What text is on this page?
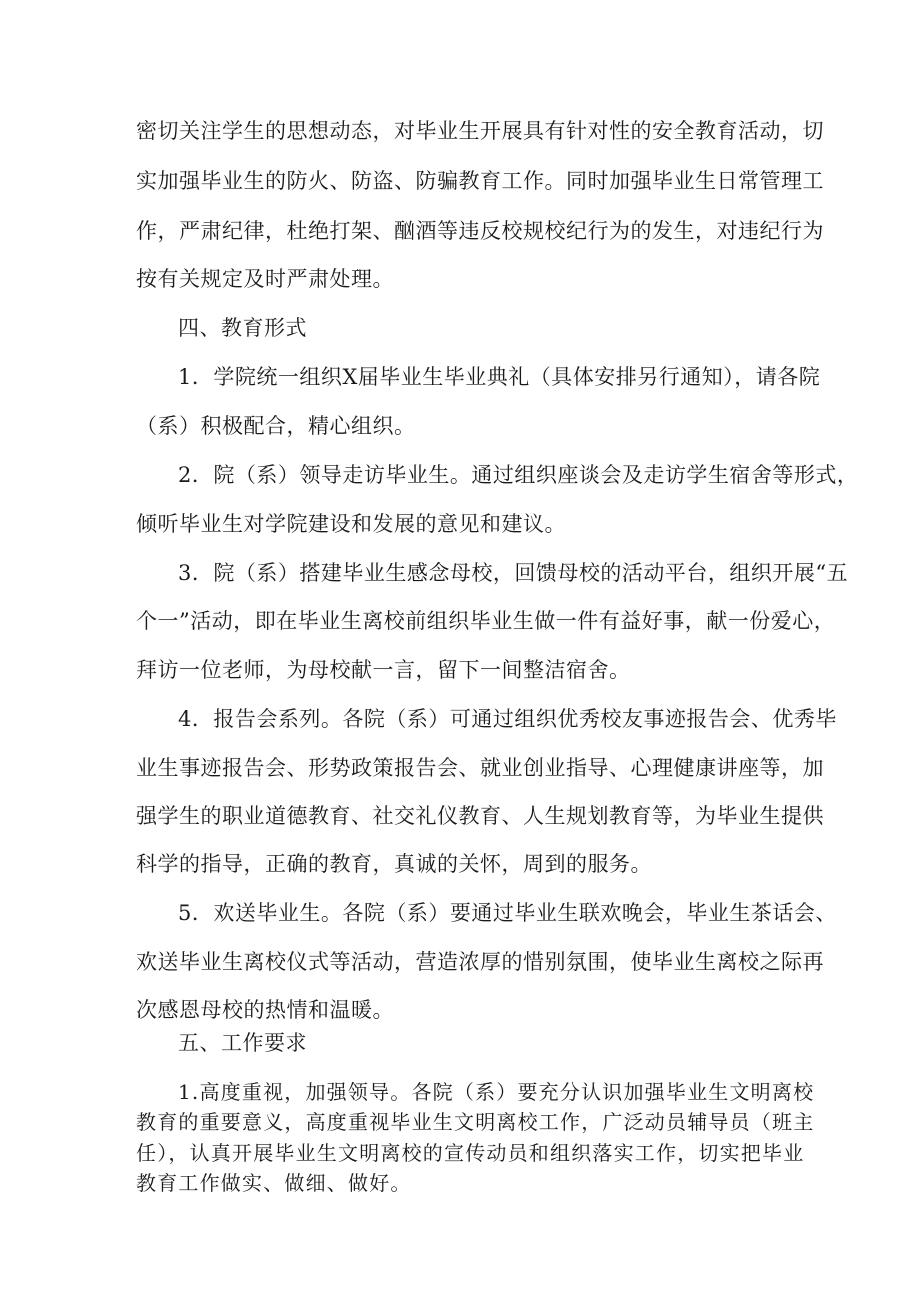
密切关注学生的思想动态，对毕业生开展具有针对性的安全教育活动，切
实加强毕业生的防火、防盗、防骗教育工作。同时加强毕业生日常管理工
作，严肃纪律，杜绝打架、酗酒等违反校规校纪行为的发生，对违纪行为
按有关规定及时严肃处理。
四、教育形式
1．学院统一组织X届毕业生毕业典礼（具体安排另行通知），请各院
（系）积极配合，精心组织。
2．院（系）领导走访毕业生。通过组织座谈会及走访学生宿舍等形式，
倾听毕业生对学院建设和发展的意见和建议。
3．院（系）搭建毕业生感念母校，回馈母校的活动平台，组织开展“五
个一”活动，即在毕业生离校前组织毕业生做一件有益好事，献一份爱心，
拜访一位老师，为母校献一言，留下一间整洁宿舍。
4．报告会系列。各院（系）可通过组织优秀校友事迹报告会、优秀毕
业生事迹报告会、形势政策报告会、就业创业指导、心理健康讲座等，加
强学生的职业道德教育、社交礼仪教育、人生规划教育等，为毕业生提供
科学的指导，正确的教育，真诚的关怀，周到的服务。
5．欢送毕业生。各院（系）要通过毕业生联欢晚会，毕业生茶话会、
欢送毕业生离校仪式等活动，营造浓厚的惜别氛围，使毕业生离校之际再
次感恩母校的热情和温暖。
五、工作要求
1.高度重视，加强领导。各院（系）要充分认识加强毕业生文明离校
教育的重要意义，高度重视毕业生文明离校工作，广泛动员辅导员（班主
任），认真开展毕业生文明离校的宣传动员和组织落实工作，切实把毕业
教育工作做实、做细、做好。
